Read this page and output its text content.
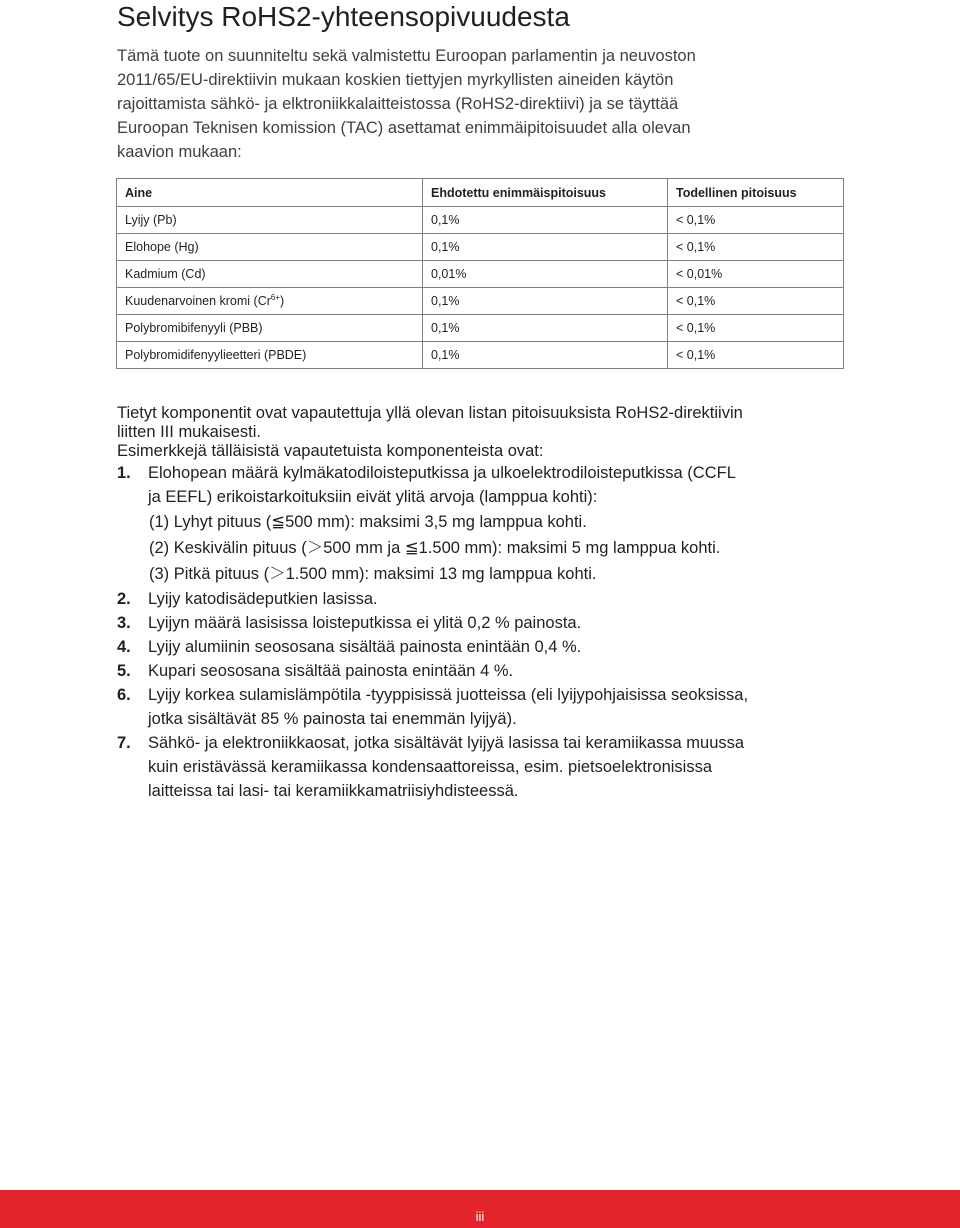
Selvitys RoHS2-yhteensopivuudesta
Tämä tuote on suunniteltu sekä valmistettu Euroopan parlamentin ja neuvoston
2011/65/EU-direktiivin mukaan koskien tiettyjen myrkyllisten aineiden käytön
rajoittamista sähkö- ja elktroniikkalaitteistossa (RoHS2-direktiivi) ja se täyttää
Euroopan Teknisen komission (TAC) asettamat enimmäipitoisuudet alla olevan
kaavion mukaan:
Aine	Ehdotettu enimmäispitoisuus	Todellinen pitoisuus
Lyijy (Pb)	0,1%	< 0,1%
Elohope (Hg)	0,1%	< 0,1%
Kadmium (Cd)	0,01%	< 0,01%
Kuudenarvoinen kromi $(Cr^{6+})$	0,1%	< 0,1%
Polybromibifenyyli (PBB)	0,1%	< 0,1%
Polybromidifenyylieetteri (PBDE)	0,1%	< 0,1%
Tietyt komponentit ovat vapautettuja yllä olevan listan pitoisuuksista RoHS2-direktiivin
liitten III mukaisesti.
Esimerkkejä tälläisistä vapautetuista komponenteista ovat:
1. Elohopean määrä kylmäkatodiloisteputkissa ja ulkoelektrodiloisteputkissa (CCFL
ja EEFL) erikoistarkoituksiin eivät ylitä arvoja (lamppua kohti):
(1) Lyhyt pituus (≦500 mm): maksimi 3,5 mg lamppua kohti.
(2) Keskivälin pituus (＞500 mm ja ≦1.500 mm): maksimi 5 mg lamppua kohti.
(3) Pitkä pituus (＞1.500 mm): maksimi 13 mg lamppua kohti.
2. Lyijy katodisädeputkien lasissa.
3. Lyijyn määrä lasisissa loisteputkissa ei ylitä 0,2 % painosta.
4. Lyijy alumiinin seososana sisältää painosta enintään 0,4 %.
5. Kupari seososana sisältää painosta enintään 4 %.
6. Lyijy korkea sulamislämpötila -tyyppisissä juotteissa (eli lyijypohjaisissa seoksissa,
jotka sisältävät 85 % painosta tai enemmän lyijyä).
7. Sähkö- ja elektroniikkaosat, jotka sisältävät lyijyä lasissa tai keramiikassa muussa
kuin eristävässä keramiikassa kondensaattoreissa, esim. pietsoelektronisissa
laitteissa tai lasi- tai keramiikkamatriisiyhdisteessä.
iii
